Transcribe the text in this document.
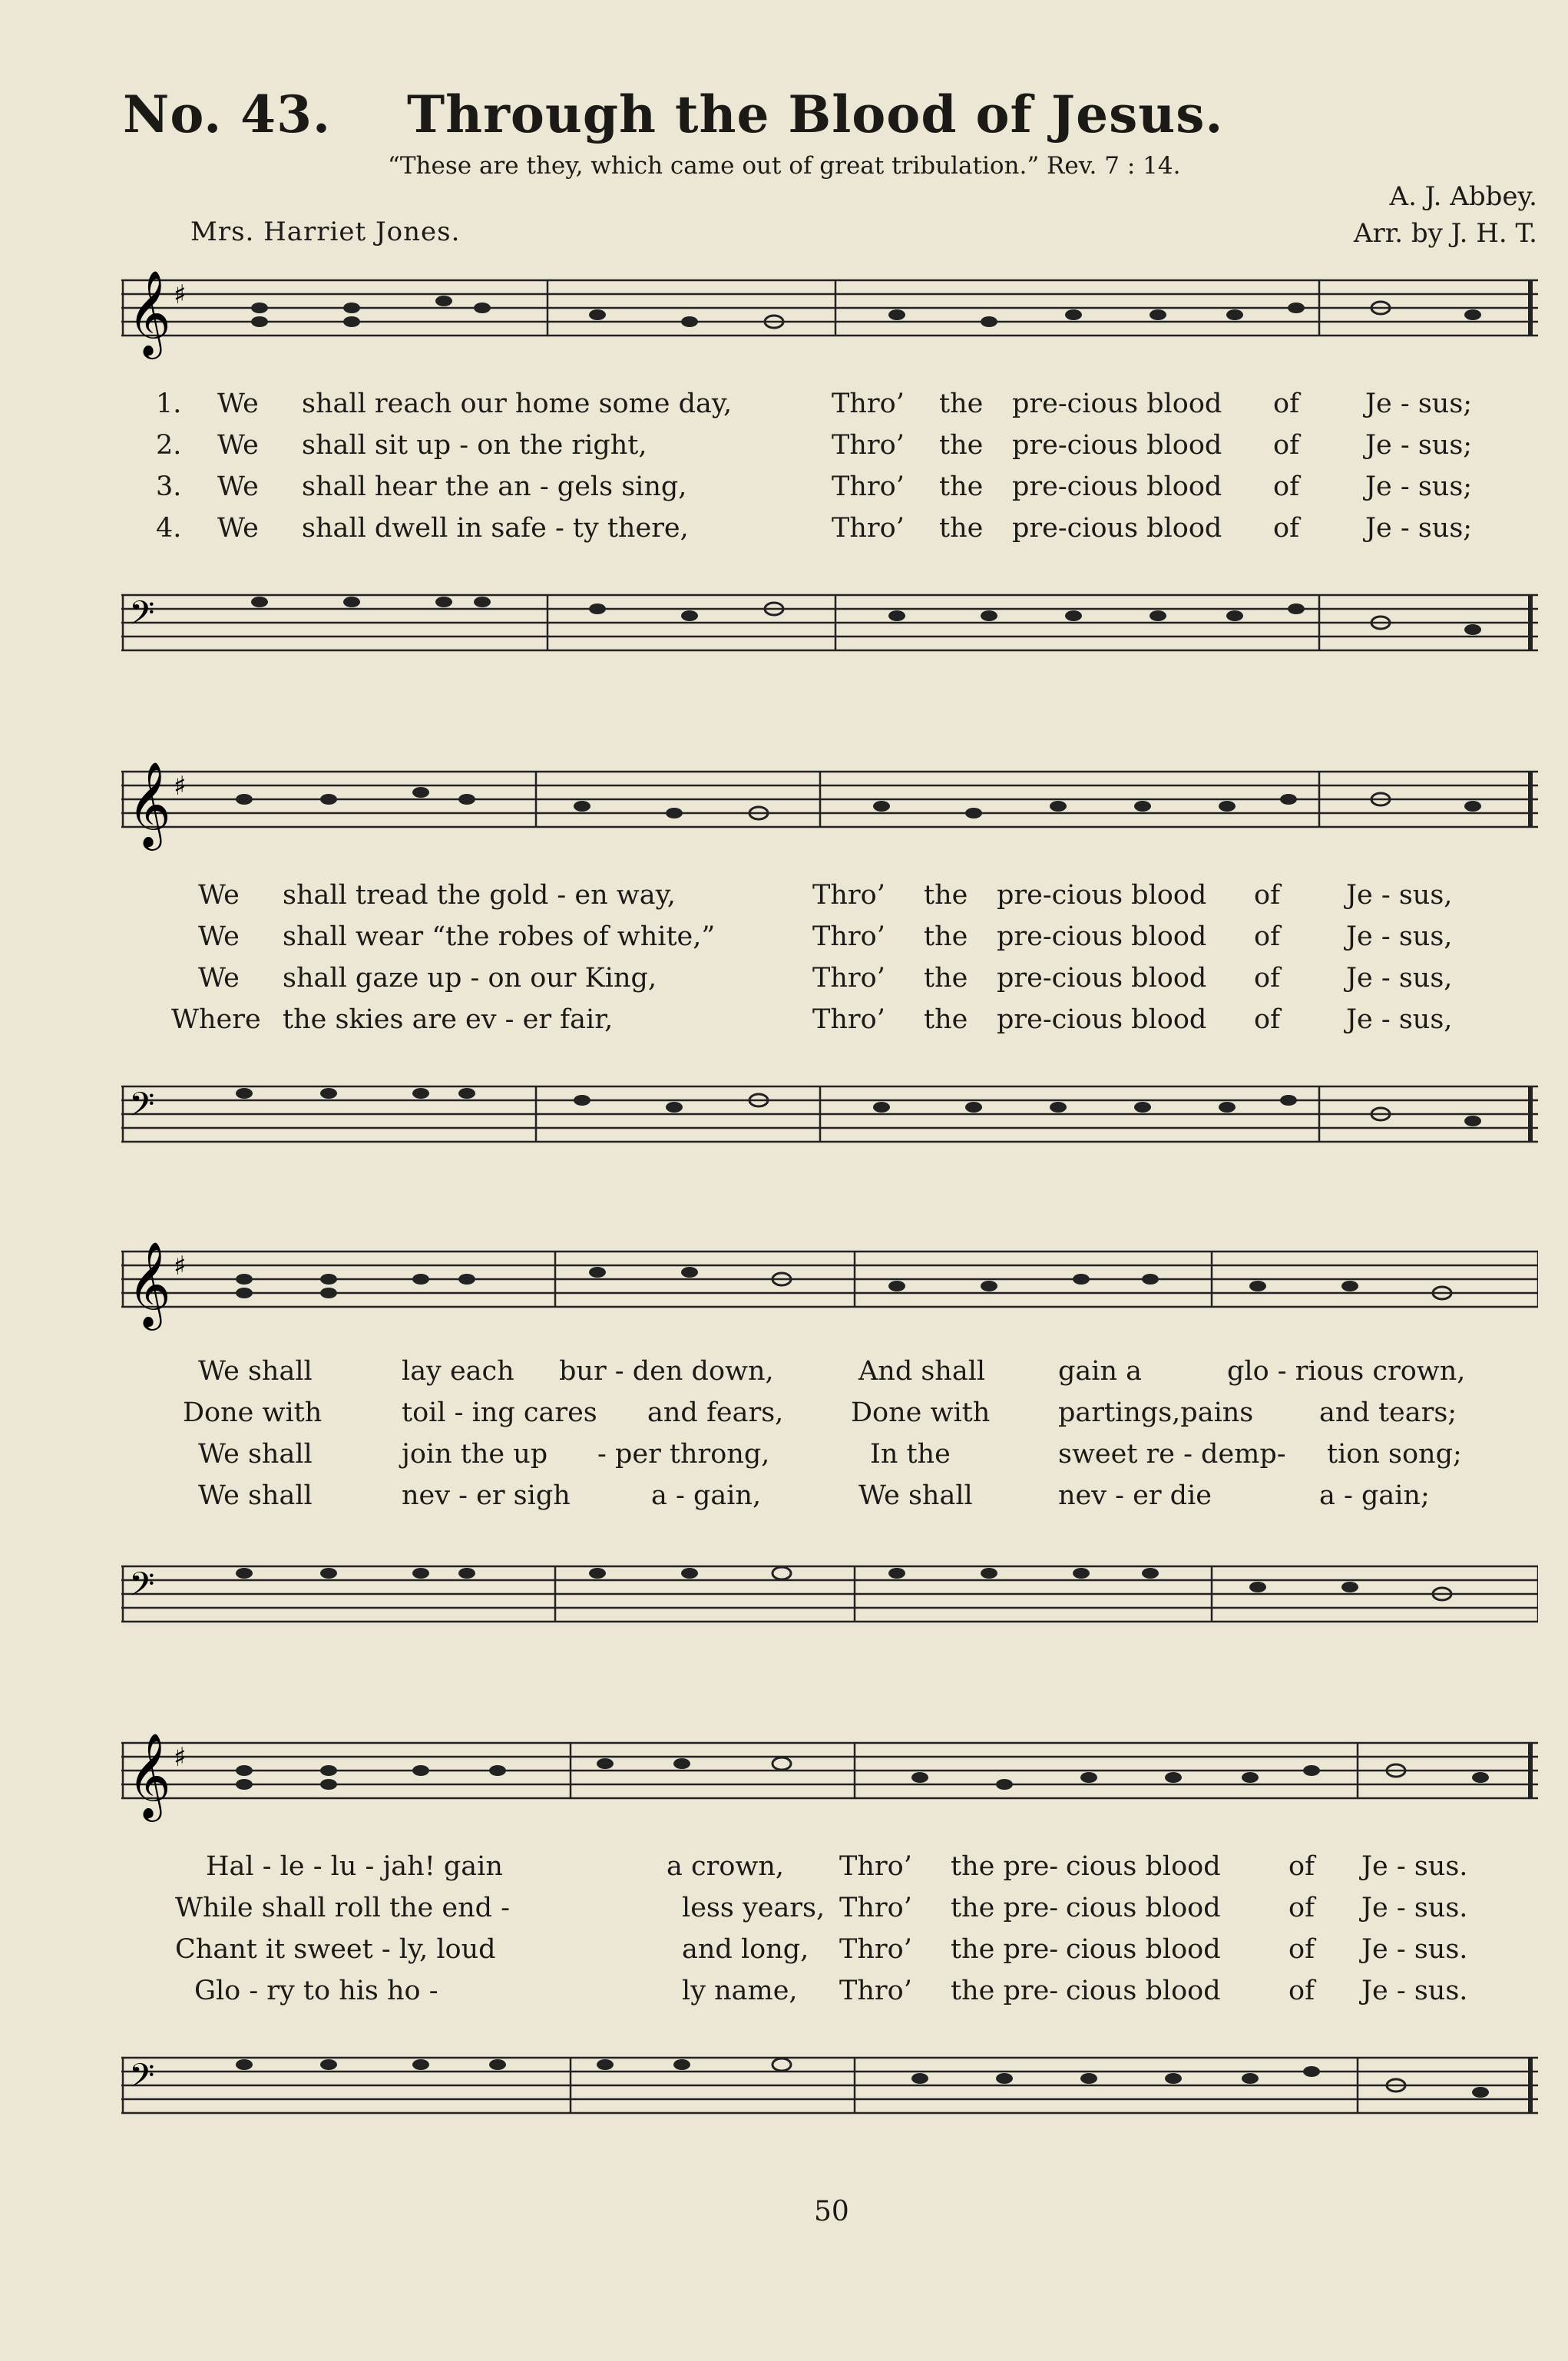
No. 43. Through the Blood of Jesus.
“These are they, which came out of great tribulation.” Rev. 7 : 14.
Mrs. Harriet Jones.
A. J. Abbey.
Arr. by J. H. T.
𝄞 ♯
1. We shall reach our home some day,	Thro’ the pre-cious blood of Je - sus;
2. We shall sit up - on the right,	Thro’ the pre-cious blood of Je - sus;
3. We shall hear the an - gels sing,	Thro’ the pre-cious blood of Je - sus;
4. We shall dwell in safe - ty there,	Thro’ the pre-cious blood of Je - sus;
𝄢
𝄞 ♯
We shall tread the gold - en way,	Thro’ the pre-cious blood of Je - sus,
We shall wear “the robes of white,”	Thro’ the pre-cious blood of Je - sus,
We shall gaze up - on our King,	Thro’ the pre-cious blood of Je - sus,
Where the skies are ev - er fair,	Thro’ the pre-cious blood of Je - sus,
𝄢
𝄞 ♯
We shall	lay each bur - den down,	And shall	gain a	glo - rious crown,
Done with	toil - ing cares and fears,	Done with	partings,pains and tears;
We shall	join the up - per throng,	In the	sweet re - demp- tion song;
We shall	nev - er sigh	a - gain,	We shall	nev - er die	a - gain;
𝄢
𝄞 ♯
Hal - le - lu - jah! gain	a crown, Thro’ the pre- cious blood	of Je - sus.
While shall roll the end -	less years, Thro’ the pre- cious blood	of Je - sus.
Chant it sweet - ly, loud	and long, Thro’ the pre- cious blood	of Je - sus.
Glo - ry to his ho -	ly name, Thro’ the pre- cious blood	of Je - sus.
𝄢
50
